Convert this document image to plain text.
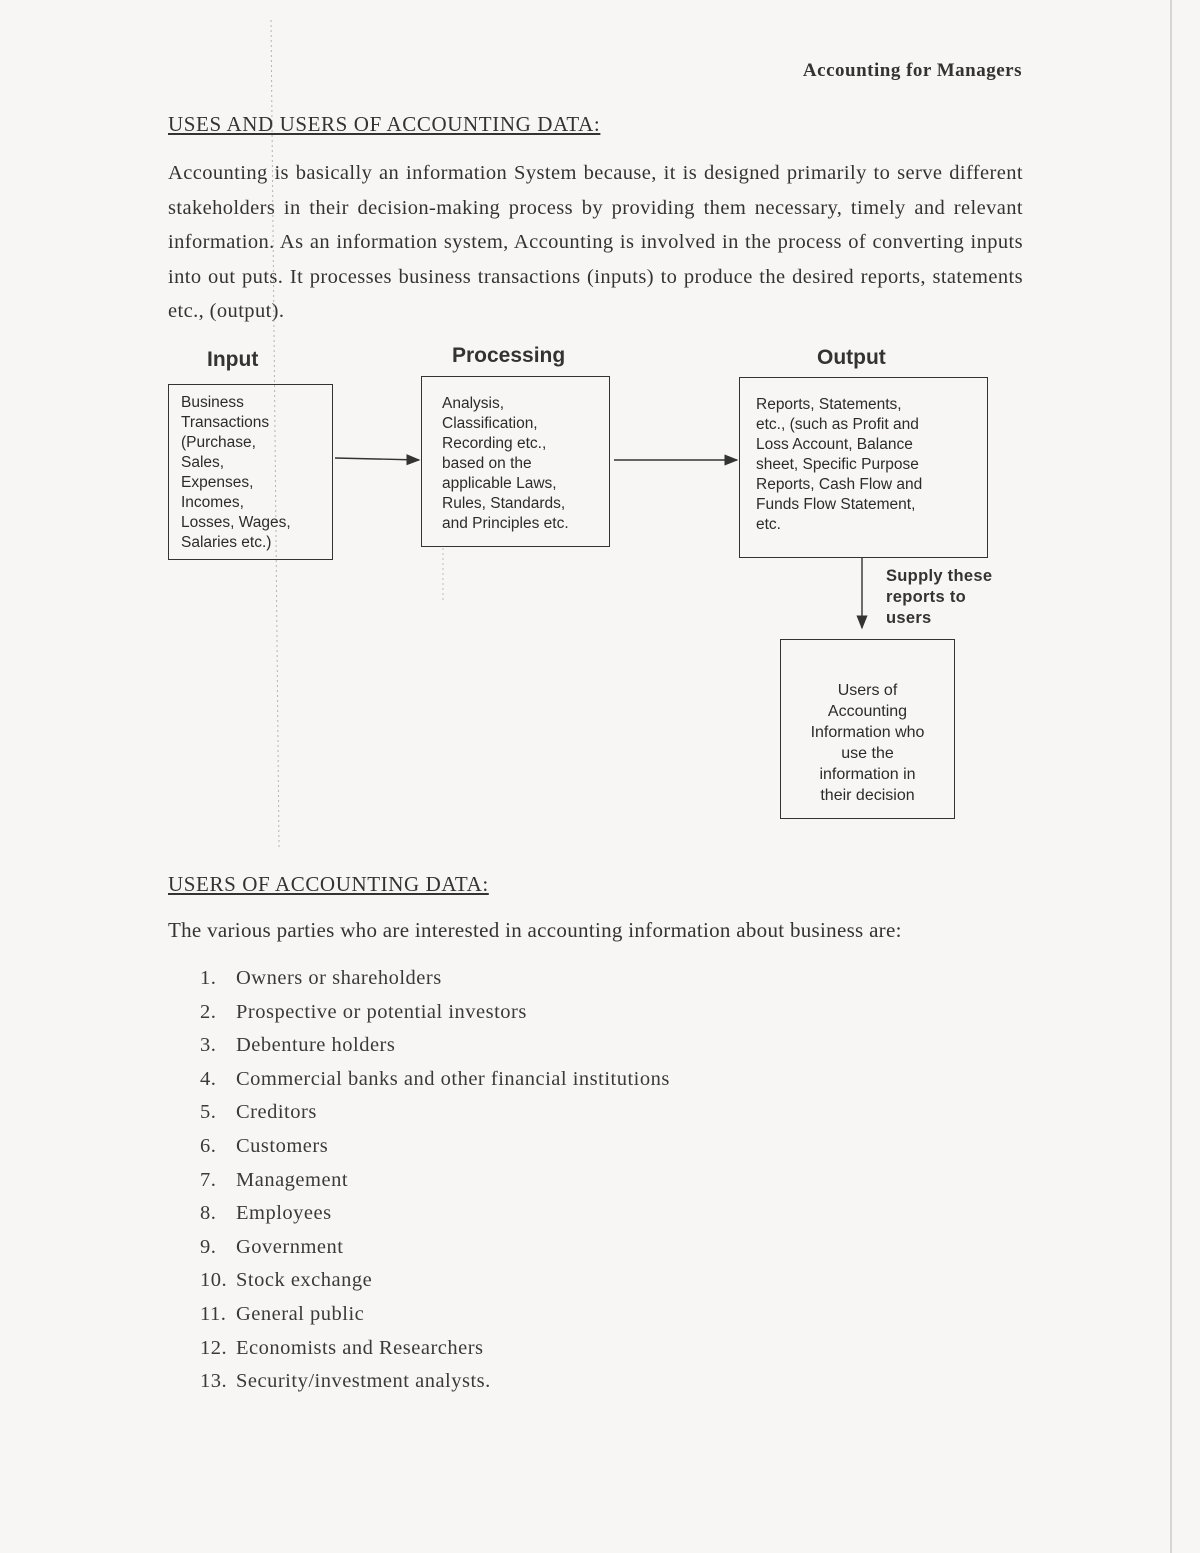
Accounting for Managers
USES AND USERS OF ACCOUNTING DATA:
Accounting is basically an information System because, it is designed primarily to serve different stakeholders in their decision-making process by providing them necessary, timely and relevant information. As an information system, Accounting is involved in the process of converting inputs into out puts. It processes business transactions (inputs) to produce the desired reports, statements etc., (output).
Input	Processing	Output
Business
Transactions
(Purchase,
Sales,
Expenses,
Incomes,
Losses, Wages,
Salaries etc.)
Analysis,
Classification,
Recording etc.,
based on the
applicable Laws,
Rules, Standards,
and Principles etc.
Reports, Statements,
etc., (such as Profit and
Loss Account, Balance
sheet, Specific Purpose
Reports, Cash Flow and
Funds Flow Statement,
etc.
Supply these
reports to
users
Users of
Accounting
Information who
use the
information in
their decision
USERS OF ACCOUNTING DATA:
The various parties who are interested in accounting information about business are:
1. Owners or shareholders
2. Prospective or potential investors
3. Debenture holders
4. Commercial banks and other financial institutions
5. Creditors
6. Customers
7. Management
8. Employees
9. Government
10. Stock exchange
11. General public
12. Economists and Researchers
13. Security/investment analysts.
